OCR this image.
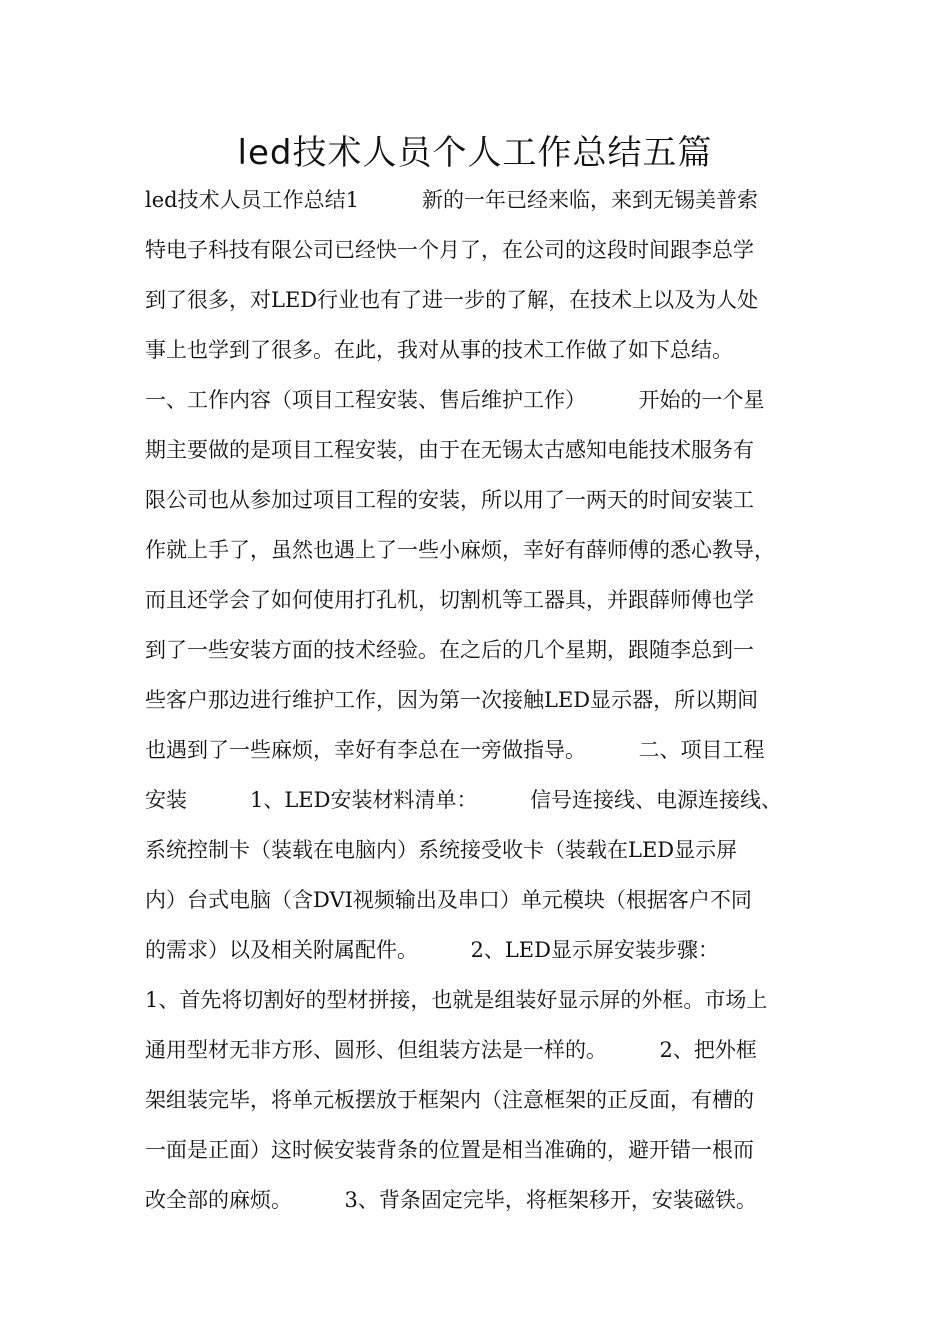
led技术人员个人工作总结五篇
led技术人员工作总结1　　　新的一年已经来临，来到无锡美普索
特电子科技有限公司已经快一个月了，在公司的这段时间跟李总学
到了很多，对LED行业也有了进一步的了解，在技术上以及为人处
事上也学到了很多。在此，我对从事的技术工作做了如下总结。
一、工作内容（项目工程安装、售后维护工作）　　　开始的一个星
期主要做的是项目工程安装，由于在无锡太古感知电能技术服务有
限公司也从参加过项目工程的安装，所以用了一两天的时间安装工
作就上手了，虽然也遇上了一些小麻烦，幸好有薛师傅的悉心教导，
而且还学会了如何使用打孔机，切割机等工器具，并跟薛师傅也学
到了一些安装方面的技术经验。在之后的几个星期，跟随李总到一
些客户那边进行维护工作，因为第一次接触LED显示器，所以期间
也遇到了一些麻烦，幸好有李总在一旁做指导。　　　二、项目工程
安装　　　1、LED安装材料清单：　　　信号连接线、电源连接线、
系统控制卡（装载在电脑内）系统接受收卡（装载在LED显示屏
内）台式电脑（含DVI视频输出及串口）单元模块（根据客户不同
的需求）以及相关附属配件。　　　2、LED显示屏安装步骤：
1、首先将切割好的型材拼接，也就是组装好显示屏的外框。市场上
通用型材无非方形、圆形、但组装方法是一样的。　　　2、把外框
架组装完毕，将单元板摆放于框架内（注意框架的正反面，有槽的
一面是正面）这时候安装背条的位置是相当准确的，避开错一根而
改全部的麻烦。　　　3、背条固定完毕，将框架移开，安装磁铁。
